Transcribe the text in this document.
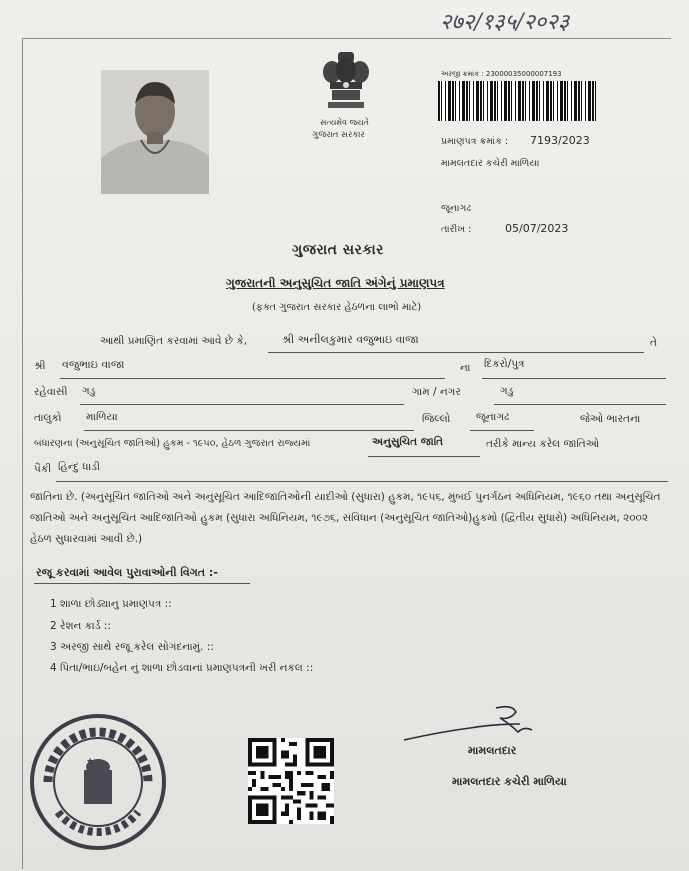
२७२/१३५/२०२३
સત્યમેવ જયતે
ગુજરાત સરકાર
અરજી ક્રમાંક : 23000035000007193
પ્રમાણપત્ર ક્રમાંક : 7193/2023
મામલતદાર કચેરી માળિયા
જૂનાગઢ
તારીખ :	05/07/2023
ગુજરાત સરકાર
ગુજરાતની અનુસુચિત જાતિ અંગેનું પ્રમાણપત્ર
(ફક્ત ગુજરાત સરકાર હેઠળના લાભો માટે)
આથી પ્રમાણિત કરવામાં આવે છે કે,	શ્રી અનીલકુમાર વજુભાઇ વાજા	તે
શ્રી વજુભાઇ વાજા	ના દિકરો/પુત્ર
રહેવાસી ગડુ	ગામ / નગર	ગડુ
તાલુકો માળિયા	જિલ્લો જૂનાગઢ	જેઓ ભારતના
બંધારણના (અનુસૂચિત જાતિઓ) હુકમ - ૧૯૫૦, હેઠળ ગુજરાત રાજ્યમાં	અનુસુચિત જાતિ	તરીકે માન્ય કરેલ જાતિઓ
પૈકી હિન્દુ ધાડી
જાતિના છે. (અનુસૂચિત જાતિઓ અને અનુસૂચિત આદિજાતિઓની યાદીઓ (સુધારા) હુકમ, ૧૯૫૬, મુંબઈ પુનર્ગઠન અધિનિયમ, ૧૯૬૦ તથા અનુસૂચિત જાતિઓ અને અનુસૂચિત આદિજાતિઓ હુકમ (સુધારા અધિનિયમ, ૧૯૭૬, સંવિધાન (અનુસૂચિત જાતિઓ)હુકમો (દ્વિતીય સુધારો) અધિનિયમ, ૨૦૦૨ હેઠળ સુધારવામાં આવી છે.)
રજૂ કરવામાં આવેલ પુરાવાઓની વિગત :-
1 શાળા છોડ્યાનુ પ્રમાણપત્ર ::
2 રેશન કાર્ડ ::
3 અરજી સાથે રજૂ કરેલ સોગંદનામું. ::
4 પિતા/ભાઇ/બહેન નું શાળા છોડવાનાં પ્રમાણપત્રની ખરી નકલ ::
★
મામલતદાર
મામલતદાર કચેરી માળિયા
